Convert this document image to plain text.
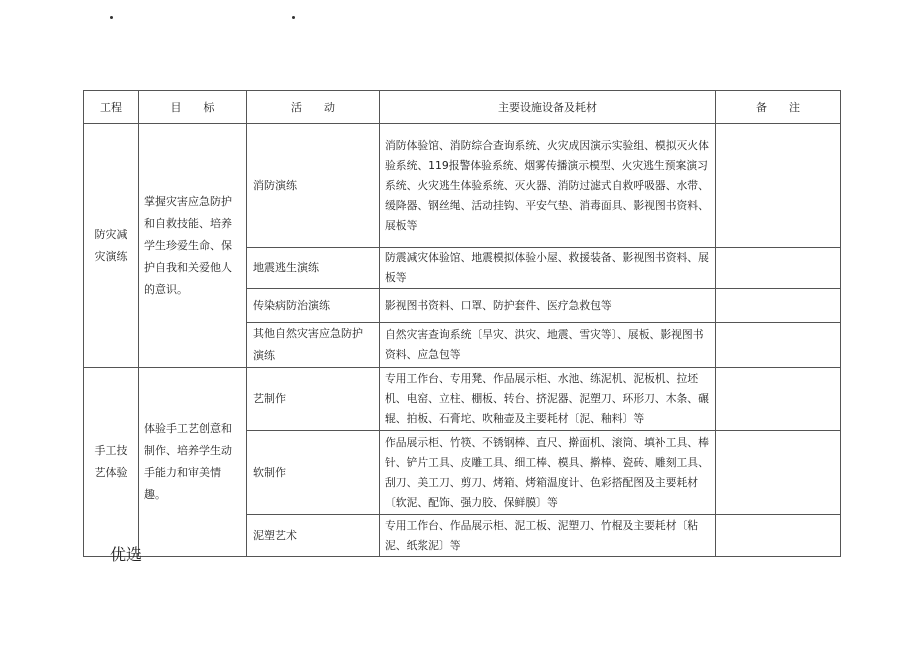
工程	目　　标	活　　动	主要设施设备及耗材	备　　注
防灾减灾演练	掌握灾害应急防护和自救技能、培养学生珍爱生命、保护自我和关爱他人的意识。	消防演练	消防体验馆、消防综合查询系统、火灾成因演示实验组、模拟灭火体验系统、119报警体验系统、烟雾传播演示模型、火灾逃生预案演习系统、火灾逃生体验系统、灭火器、消防过滤式自救呼吸器、水带、缓降器、钢丝绳、活动挂钩、平安气垫、消毒面具、影视图书资料、展板等	
		地震逃生演练	防震减灾体验馆、地震模拟体验小屋、救援装备、影视图书资料、展板等	
		传染病防治演练	影视图书资料、口罩、防护套件、医疗急救包等	
		其他自然灾害应急防护演练	自然灾害查询系统〔旱灾、洪灾、地震、雪灾等〕、展板、影视图书资料、应急包等	
手工技艺体验	体验手工艺创意和制作、培养学生动手能力和审美情趣。	艺制作	专用工作台、专用凳、作品展示柜、水池、练泥机、泥板机、拉坯机、电窑、立柱、棚板、转台、挤泥器、泥塑刀、环形刀、木条、碾辊、拍板、石膏坨、吹釉壶及主要耗材〔泥、釉料〕等	
		软制作	作品展示柜、竹筷、不锈钢棒、直尺、擀面机、滚筒、填补工具、棒针、铲片工具、皮雕工具、细工棒、模具、擀棒、瓷砖、雕刻工具、刮刀、美工刀、剪刀、烤箱、烤箱温度计、色彩搭配图及主要耗材〔软泥、配饰、强力胶、保鲜膜〕等	
		泥塑艺术	专用工作台、作品展示柜、泥工板、泥塑刀、竹棍及主要耗材〔粘泥、纸浆泥〕等	
优选
